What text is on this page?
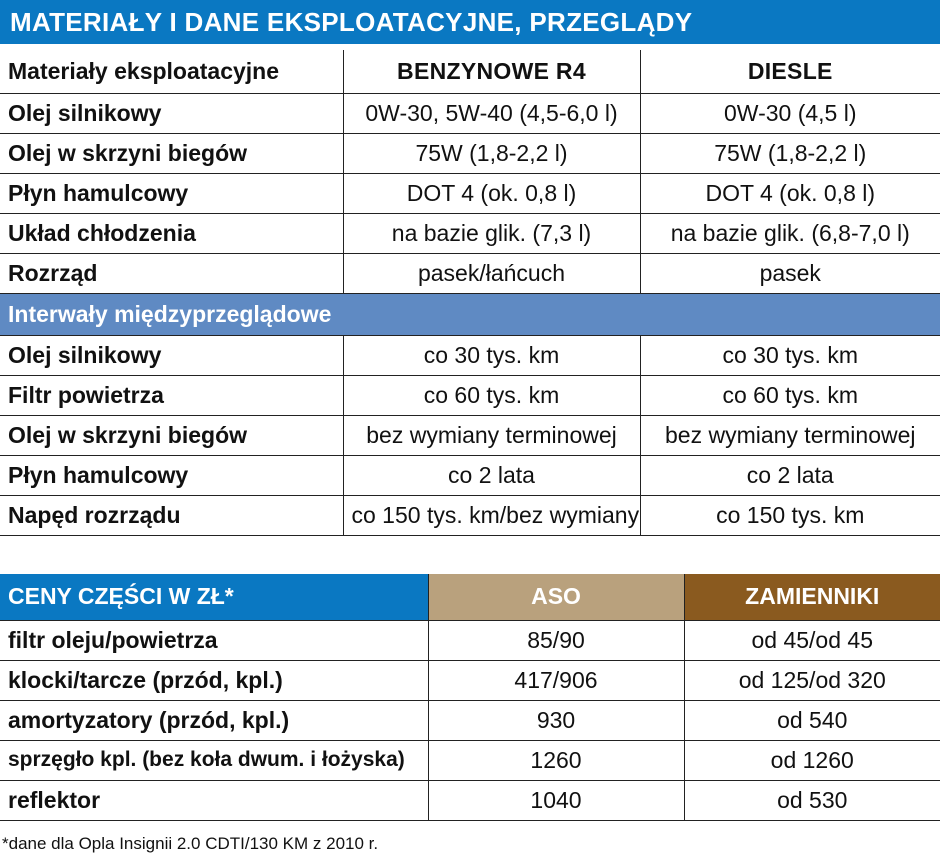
MATERIAŁY I DANE EKSPLOATACYJNE, PRZEGLĄDY
Materiały eksploatacyjne	BENZYNOWE R4	DIESLE
Olej silnikowy	0W-30, 5W-40 (4,5-6,0 l)	0W-30 (4,5 l)
Olej w skrzyni biegów	75W (1,8-2,2 l)	75W (1,8-2,2 l)
Płyn hamulcowy	DOT 4 (ok. 0,8 l)	DOT 4 (ok. 0,8 l)
Układ chłodzenia	na bazie glik. (7,3 l)	na bazie glik. (6,8-7,0 l)
Rozrząd	pasek/łańcuch	pasek
Interwały międzyprzeglądowe		
Olej silnikowy	co 30 tys. km	co 30 tys. km
Filtr powietrza	co 60 tys. km	co 60 tys. km
Olej w skrzyni biegów	bez wymiany terminowej	bez wymiany terminowej
Płyn hamulcowy	co 2 lata	co 2 lata
Napęd rozrządu	co 150 tys. km/bez wymiany	co 150 tys. km
CENY CZĘŚCI W ZŁ*	ASO	ZAMIENNIKI
filtr oleju/powietrza	85/90	od 45/od 45
klocki/tarcze (przód, kpl.)	417/906	od 125/od 320
amortyzatory (przód, kpl.)	930	od 540
sprzęgło kpl. (bez koła dwum. i łożyska)	1260	od 1260
reflektor	1040	od 530
*dane dla Opla Insignii 2.0 CDTI/130 KM z 2010 r.
